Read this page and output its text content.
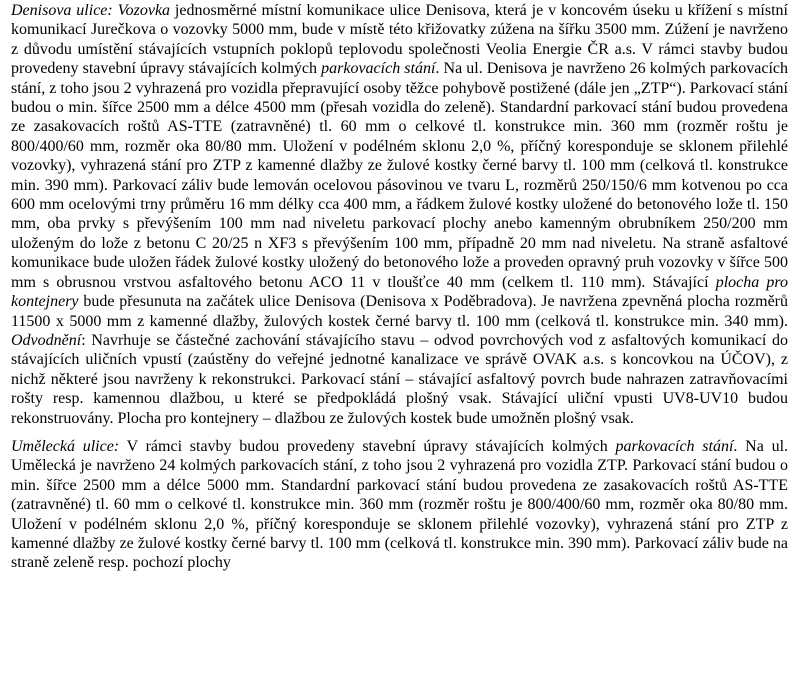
Denisova ulice: Vozovka jednosměrné místní komunikace ulice Denisova, která je v koncovém úseku u křížení s místní komunikací Jurečkova o vozovky 5000 mm, bude v místě této křižovatky zúžena na šířku 3500 mm. Zúžení je navrženo z důvodu umístění stávajících vstupních poklopů teplovodu společnosti Veolia Energie ČR a.s. V rámci stavby budou provedeny stavební úpravy stávajících kolmých parkovacích stání. Na ul. Denisova je navrženo 26 kolmých parkovacích stání, z toho jsou 2 vyhrazená pro vozidla přepravující osoby těžce pohybově postižené (dále jen „ZTP“). Parkovací stání budou o min. šířce 2500 mm a délce 4500 mm (přesah vozidla do zeleně). Standardní parkovací stání budou provedena ze zasakovacích roštů AS-TTE (zatravněné) tl. 60 mm o celkové tl. konstrukce min. 360 mm (rozměr roštu je 800/400/60 mm, rozměr oka 80/80 mm. Uložení v podélném sklonu 2,0 %, příčný koresponduje se sklonem přilehlé vozovky), vyhrazená stání pro ZTP z kamenné dlažby ze žulové kostky černé barvy tl. 100 mm (celková tl. konstrukce min. 390 mm). Parkovací záliv bude lemován ocelovou pásovinou ve tvaru L, rozměrů 250/150/6 mm kotvenou po cca 600 mm ocelovými trny průměru 16 mm délky cca 400 mm, a řádkem žulové kostky uložené do betonového lože tl. 150 mm, oba prvky s převýšením 100 mm nad niveletu parkovací plochy anebo kamenným obrubníkem 250/200 mm uloženým do lože z betonu C 20/25 n XF3 s převýšením 100 mm, případně 20 mm nad niveletu. Na straně asfaltové komunikace bude uložen řádek žulové kostky uložený do betonového lože a proveden opravný pruh vozovky v šířce 500 mm s obrusnou vrstvou asfaltového betonu ACO 11 v tloušťce 40 mm (celkem tl. 110 mm). Stávající plocha pro kontejnery bude přesunuta na začátek ulice Denisova (Denisova x Poděbradova). Je navržena zpevněná plocha rozměrů 11500 x 5000 mm z kamenné dlažby, žulových kostek černé barvy tl. 100 mm (celková tl. konstrukce min. 340 mm). Odvodnění: Navrhuje se částečné zachování stávajícího stavu – odvod povrchových vod z asfaltových komunikací do stávajících uličních vpustí (zaústěny do veřejné jednotné kanalizace ve správě OVAK a.s. s koncovkou na ÚČOV), z nichž některé jsou navrženy k rekonstrukci. Parkovací stání – stávající asfaltový povrch bude nahrazen zatravňovacími rošty resp. kamennou dlažbou, u které se předpokládá plošný vsak. Stávající uliční vpusti UV8-UV10 budou rekonstruovány. Plocha pro kontejnery – dlažbou ze žulových kostek bude umožněn plošný vsak.

Umělecká ulice: V rámci stavby budou provedeny stavební úpravy stávajících kolmých parkovacích stání. Na ul. Umělecká je navrženo 24 kolmých parkovacích stání, z toho jsou 2 vyhrazená pro vozidla ZTP. Parkovací stání budou o min. šířce 2500 mm a délce 5000 mm. Standardní parkovací stání budou provedena ze zasakovacích roštů AS-TTE (zatravněné) tl. 60 mm o celkové tl. konstrukce min. 360 mm (rozměr roštu je 800/400/60 mm, rozměr oka 80/80 mm. Uložení v podélném sklonu 2,0 %, příčný koresponduje se sklonem přilehlé vozovky), vyhrazená stání pro ZTP z kamenné dlažby ze žulové kostky černé barvy tl. 100 mm (celková tl. konstrukce min. 390 mm). Parkovací záliv bude na straně zeleně resp. pochozí plochy
